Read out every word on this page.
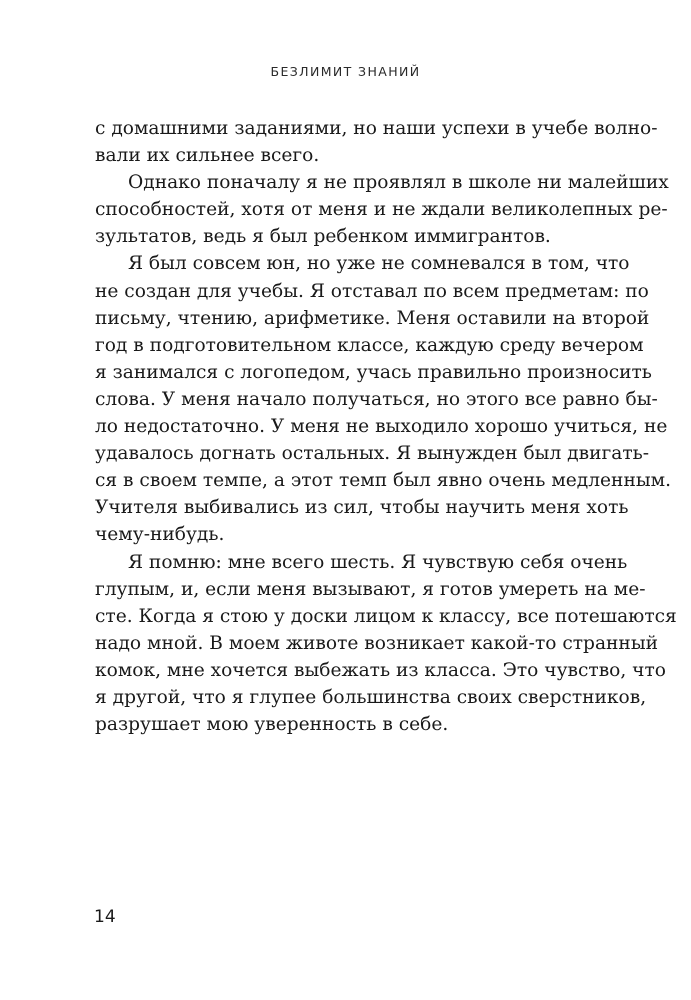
БЕЗЛИМИТ ЗНАНИЙ
с домашними заданиями, но наши успехи в учебе волно-
вали их сильнее всего.
Однако поначалу я не проявлял в школе ни малейших
способностей, хотя от меня и не ждали великолепных ре-
зультатов, ведь я был ребенком иммигрантов.
Я был совсем юн, но уже не сомневался в том, что
не создан для учебы. Я отставал по всем предметам: по
письму, чтению, арифметике. Меня оставили на второй
год в подготовительном классе, каждую среду вечером
я занимался с логопедом, учась правильно произносить
слова. У меня начало получаться, но этого все равно бы-
ло недостаточно. У меня не выходило хорошо учиться, не
удавалось догнать остальных. Я вынужден был двигать-
ся в своем темпе, а этот темп был явно очень медленным.
Учителя выбивались из сил, чтобы научить меня хоть
чему-нибудь.
Я помню: мне всего шесть. Я чувствую себя очень
глупым, и, если меня вызывают, я готов умереть на ме-
сте. Когда я стою у доски лицом к классу, все потешаются
надо мной. В моем животе возникает какой-то странный
комок, мне хочется выбежать из класса. Это чувство, что
я другой, что я глупее большинства своих сверстников,
разрушает мою уверенность в себе.
14
